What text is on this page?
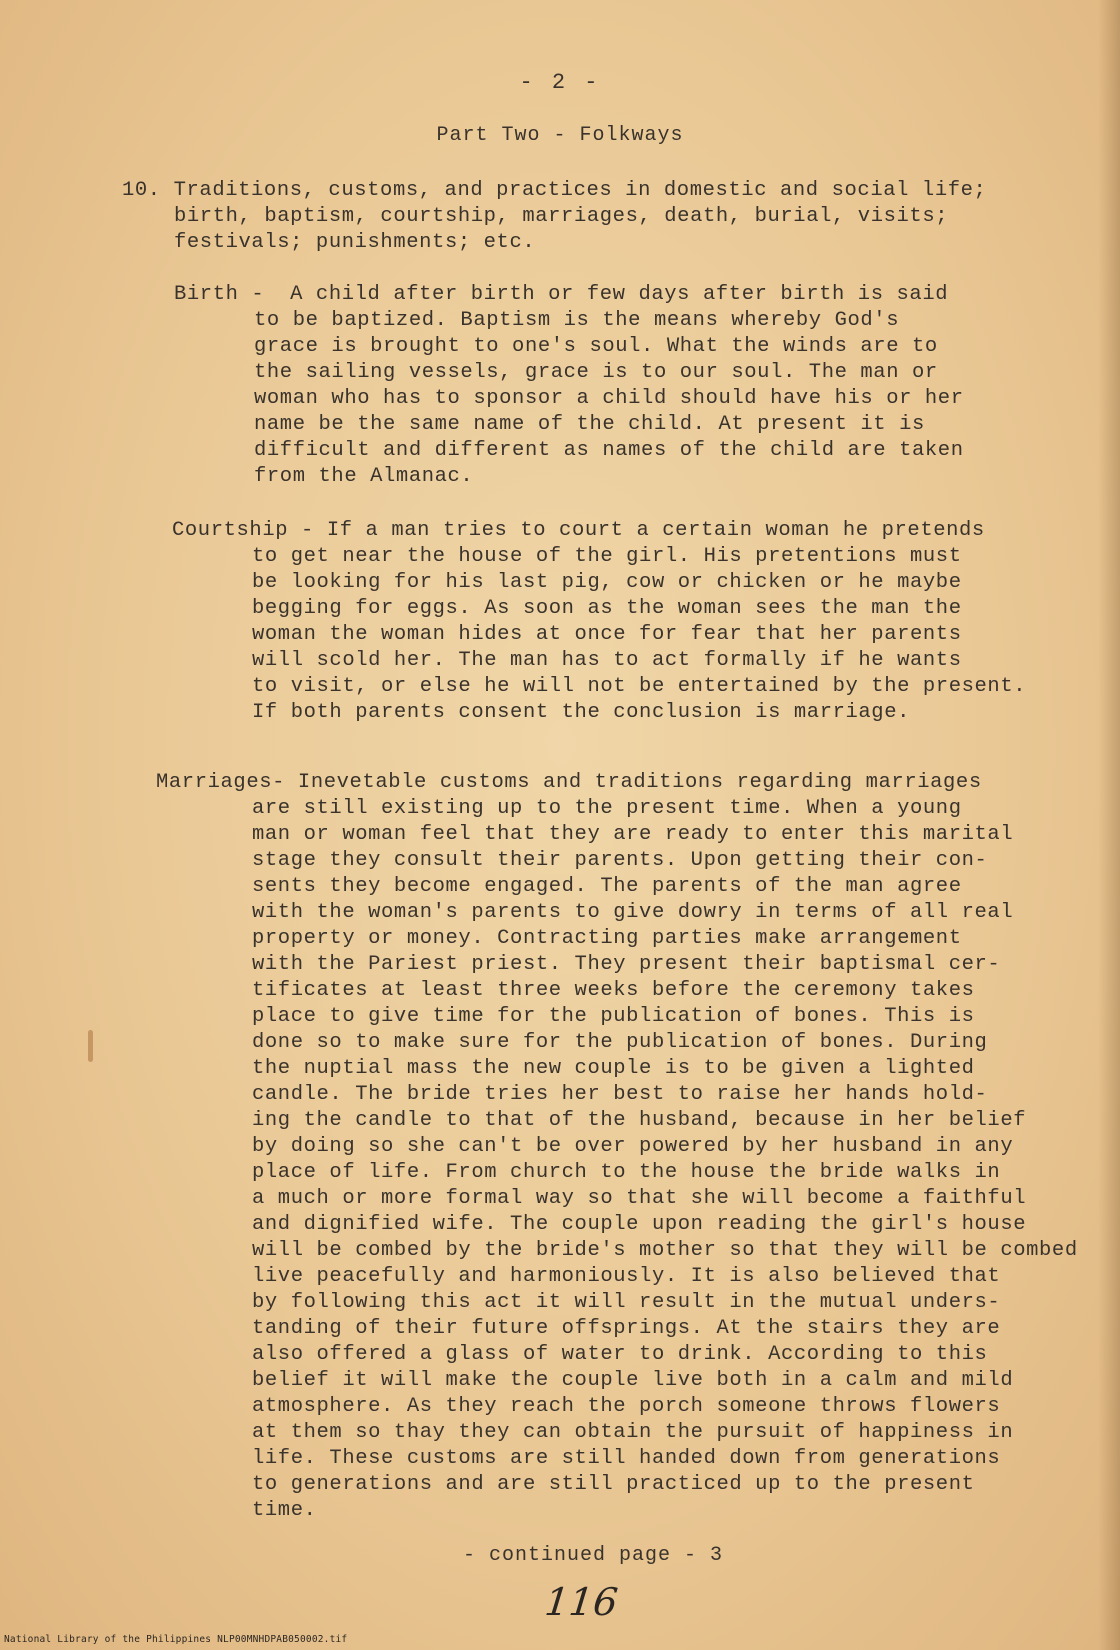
- 2 -
Part Two - Folkways

10. Traditions, customs, and practices in domestic and social life;

birth, baptism, courtship, marriages, death, burial, visits;

festivals; punishments; etc.

Birth -  A child after birth or few days after birth is said

to be baptized. Baptism is the means whereby God's

grace is brought to one's soul. What the winds are to

the sailing vessels, grace is to our soul. The man or

woman who has to sponsor a child should have his or her

name be the same name of the child. At present it is

difficult and different as names of the child are taken

from the Almanac.

Courtship - If a man tries to court a certain woman he pretends

to get near the house of the girl. His pretentions must

be looking for his last pig, cow or chicken or he maybe

begging for eggs. As soon as the woman sees the man the

woman the woman hides at once for fear that her parents

will scold her. The man has to act formally if he wants

to visit, or else he will not be entertained by the present.

If both parents consent the conclusion is marriage.

Marriages- Inevetable customs and traditions regarding marriages

are still existing up to the present time. When a young

man or woman feel that they are ready to enter this marital

stage they consult their parents. Upon getting their con-

sents they become engaged. The parents of the man agree

with the woman's parents to give dowry in terms of all real

property or money. Contracting parties make arrangement

with the Pariest priest. They present their baptismal cer-

tificates at least three weeks before the ceremony takes

place to give time for the publication of bones. This is

done so to make sure for the publication of bones. During

the nuptial mass the new couple is to be given a lighted

candle. The bride tries her best to raise her hands hold-

ing the candle to that of the husband, because in her belief

by doing so she can't be over powered by her husband in any

place of life. From church to the house the bride walks in

a much or more formal way so that she will become a faithful

and dignified wife. The couple upon reading the girl's house

will be combed by the bride's mother so that they will be combed

live peacefully and harmoniously. It is also believed that

by following this act it will result in the mutual unders-

tanding of their future offsprings. At the stairs they are

also offered a glass of water to drink. According to this

belief it will make the couple live both in a calm and mild

atmosphere. As they reach the porch someone throws flowers

at them so thay they can obtain the pursuit of happiness in

life. These customs are still handed down from generations

to generations and are still practiced up to the present

time.

- continued page - 3
116
National Library of the Philippines NLP00MNHDPAB050002.tif
